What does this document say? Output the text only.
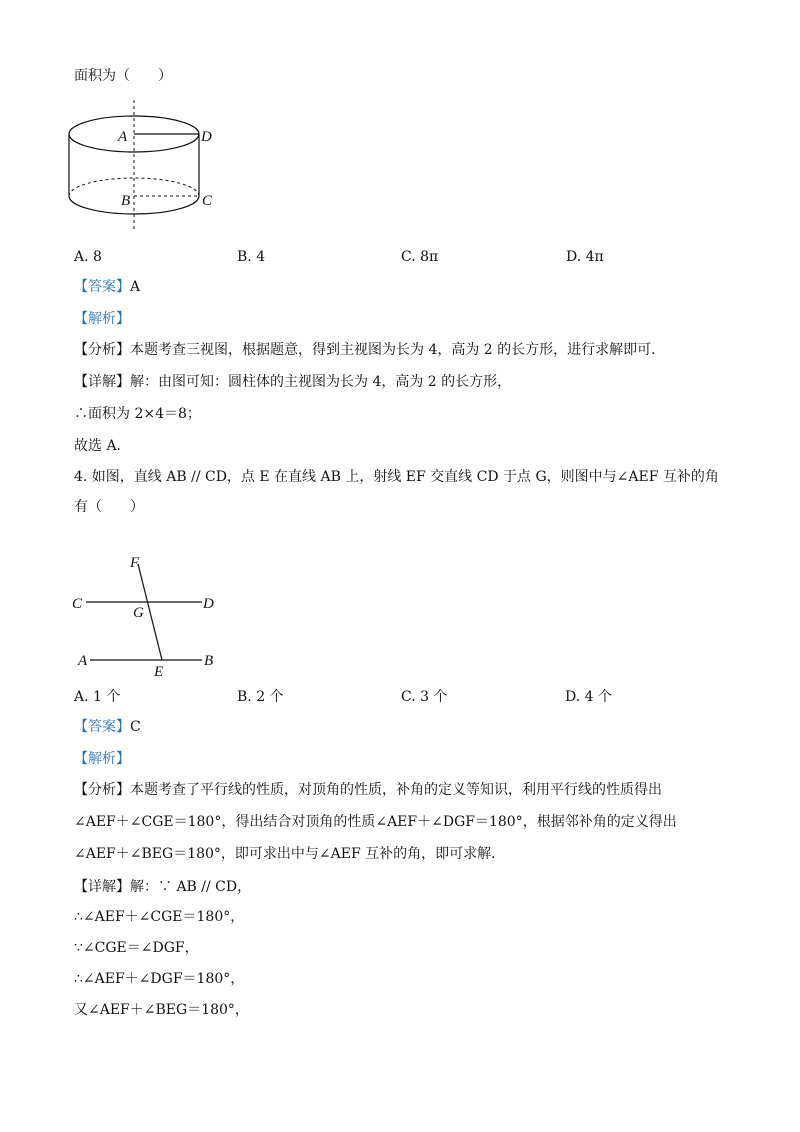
面积为（　　）
A	D
B	C
A. 8	B. 4	C. 8π	D. 4π
【答案】A
【解析】
【分析】本题考查三视图，根据题意，得到主视图为长为 4，高为 2 的长方形，进行求解即可．
【详解】解：由图可知：圆柱体的主视图为长为 4，高为 2 的长方形，
∴面积为 2×4＝8；
故选 A．
4. 如图，直线 AB // CD，点 E 在直线 AB 上，射线 EF 交直线 CD 于点 G，则图中与∠AEF 互补的角
有（　　）
F
C
G
D
A
E
B
A. 1 个	B. 2 个	C. 3 个	D. 4 个
【答案】C
【解析】
【分析】本题考查了平行线的性质，对顶角的性质，补角的定义等知识，利用平行线的性质得出
∠AEF＋∠CGE＝180°，得出结合对顶角的性质∠AEF＋∠DGF＝180°，根据邻补角的定义得出
∠AEF＋∠BEG＝180°，即可求出中与∠AEF 互补的角，即可求解．
【详解】解：∵ AB // CD，
∴∠AEF＋∠CGE＝180°，
∵∠CGE＝∠DGF，
∴∠AEF＋∠DGF＝180°，
又∠AEF＋∠BEG＝180°，
